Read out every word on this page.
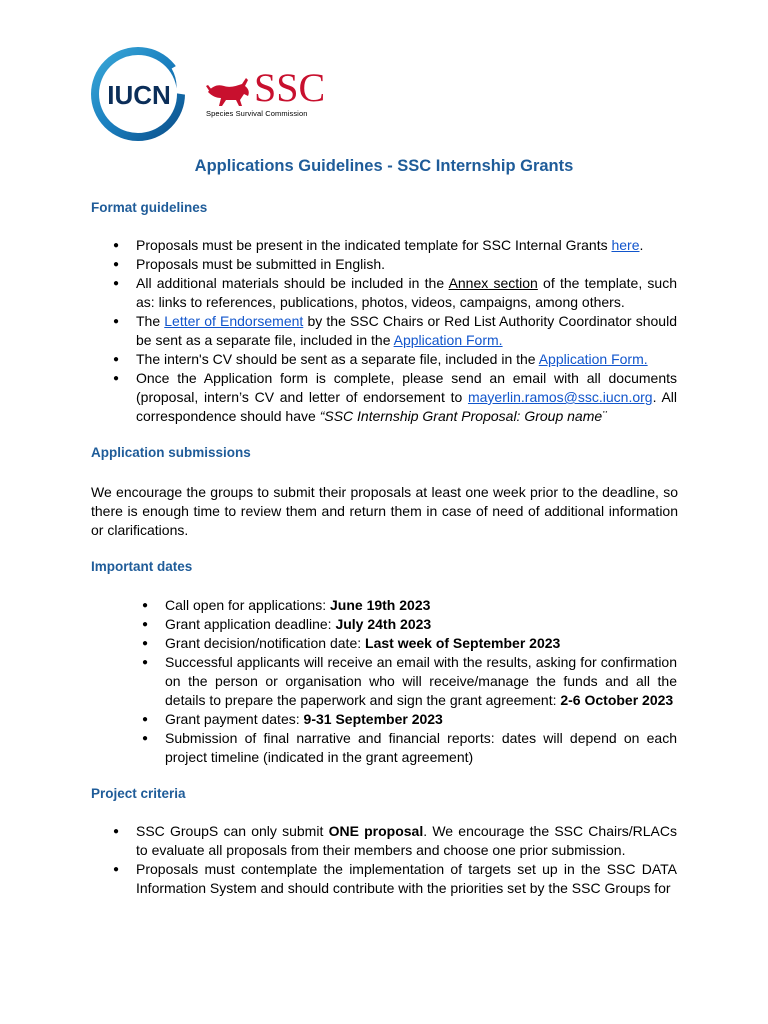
IUCN SSC
Species Survival Commission
Applications Guidelines - SSC Internship Grants
Format guidelines
● Proposals must be present in the indicated template for SSC Internal Grants here.
● Proposals must be submitted in English.
● All additional materials should be included in the Annex section of the template, such as: links to references, publications, photos, videos, campaigns, among others.
● The Letter of Endorsement by the SSC Chairs or Red List Authority Coordinator should be sent as a separate file, included in the Application Form.
● The intern's CV should be sent as a separate file, included in the Application Form.
● Once the Application form is complete, please send an email with all documents (proposal, intern’s CV and letter of endorsement to mayerlin.ramos@ssc.iucn.org. All correspondence should have “SSC Internship Grant Proposal: Group name¨
Application submissions
We encourage the groups to submit their proposals at least one week prior to the deadline, so there is enough time to review them and return them in case of need of additional information or clarifications.
Important dates
● Call open for applications: June 19th 2023
● Grant application deadline: July 24th 2023
● Grant decision/notification date: Last week of September 2023
● Successful applicants will receive an email with the results, asking for confirmation on the person or organisation who will receive/manage the funds and all the details to prepare the paperwork and sign the grant agreement: 2-6 October 2023
● Grant payment dates: 9-31 September 2023
● Submission of final narrative and financial reports: dates will depend on each project timeline (indicated in the grant agreement)
Project criteria
● SSC GroupS can only submit ONE proposal. We encourage the SSC Chairs/RLACs to evaluate all proposals from their members and choose one prior submission.
● Proposals must contemplate the implementation of targets set up in the SSC DATA Information System and should contribute with the priorities set by the SSC Groups for
